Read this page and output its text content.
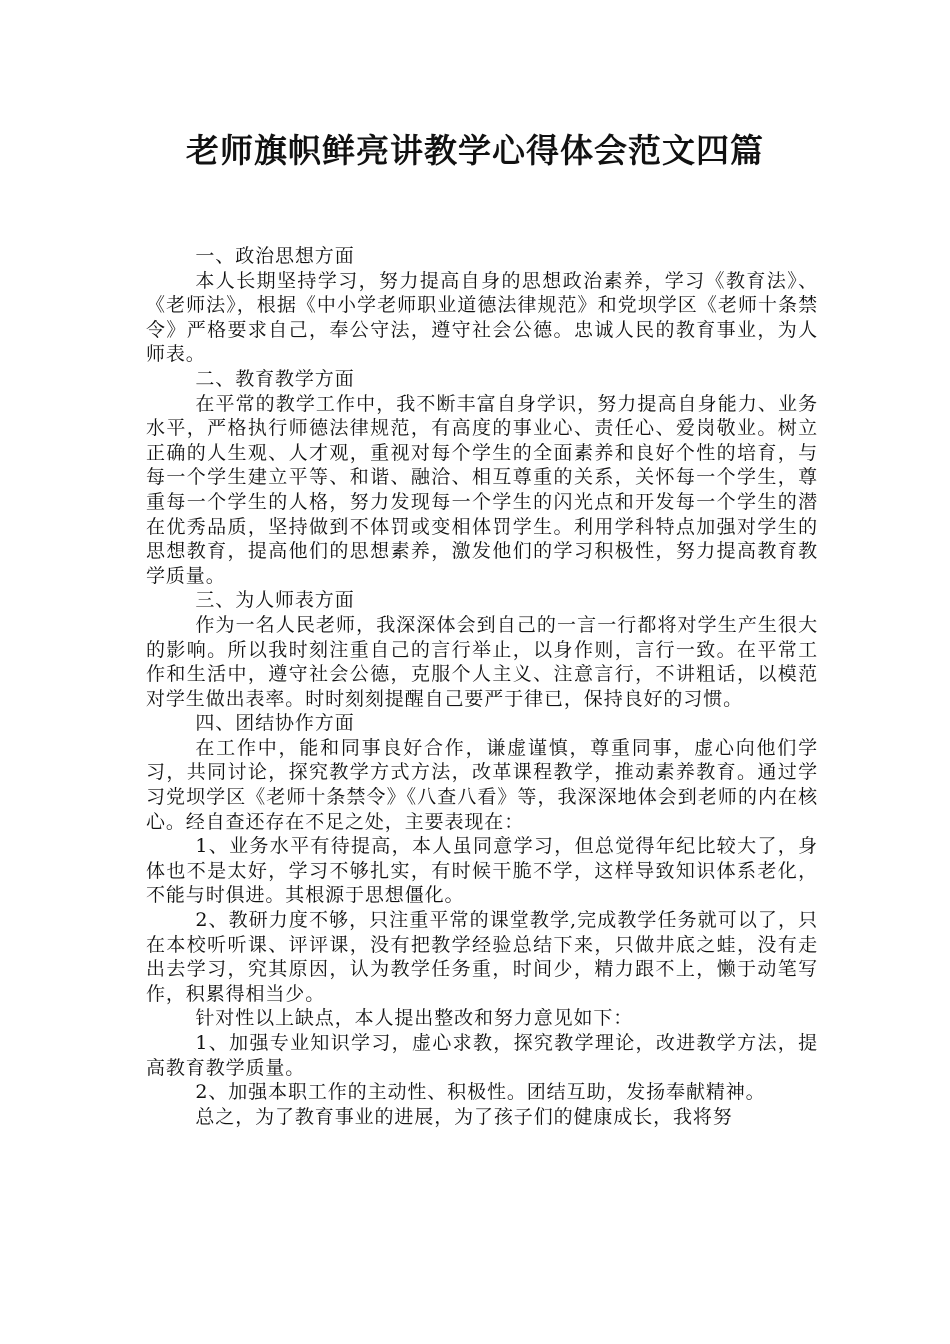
老师旗帜鲜亮讲教学心得体会范文四篇

一、政治思想方面

本人长期坚持学习，努力提高自身的思想政治素养，学习《教育法》、《老师法》，根据《中小学老师职业道德法律规范》和党坝学区《老师十条禁令》严格要求自己，奉公守法，遵守社会公德。忠诚人民的教育事业，为人师表。

二、教育教学方面

在平常的教学工作中，我不断丰富自身学识，努力提高自身能力、业务水平，严格执行师德法律规范，有高度的事业心、责任心、爱岗敬业。树立正确的人生观、人才观，重视对每个学生的全面素养和良好个性的培育，与每一个学生建立平等、和谐、融洽、相互尊重的关系，关怀每一个学生，尊重每一个学生的人格，努力发现每一个学生的闪光点和开发每一个学生的潜在优秀品质，坚持做到不体罚或变相体罚学生。利用学科特点加强对学生的思想教育，提高他们的思想素养，激发他们的学习积极性，努力提高教育教学质量。

三、为人师表方面

作为一名人民老师，我深深体会到自己的一言一行都将对学生产生很大的影响。所以我时刻注重自己的言行举止，以身作则，言行一致。在平常工作和生活中，遵守社会公德，克服个人主义、注意言行，不讲粗话，以模范对学生做出表率。时时刻刻提醒自己要严于律已，保持良好的习惯。

四、团结协作方面

在工作中，能和同事良好合作，谦虚谨慎，尊重同事，虚心向他们学习，共同讨论，探究教学方式方法，改革课程教学，推动素养教育。通过学习党坝学区《老师十条禁令》《八查八看》等，我深深地体会到老师的内在核心。经自查还存在不足之处，主要表现在：

1、业务水平有待提高，本人虽同意学习，但总觉得年纪比较大了，身体也不是太好，学习不够扎实，有时候干脆不学，这样导致知识体系老化，不能与时俱进。其根源于思想僵化。

2、教研力度不够，只注重平常的课堂教学,完成教学任务就可以了，只在本校听听课、评评课，没有把教学经验总结下来，只做井底之蛙，没有走出去学习，究其原因，认为教学任务重，时间少，精力跟不上，懒于动笔写作，积累得相当少。

针对性以上缺点，本人提出整改和努力意见如下：

1、加强专业知识学习，虚心求教，探究教学理论，改进教学方法，提高教育教学质量。

2、加强本职工作的主动性、积极性。团结互助，发扬奉献精神。

总之，为了教育事业的进展，为了孩子们的健康成长，我将努
